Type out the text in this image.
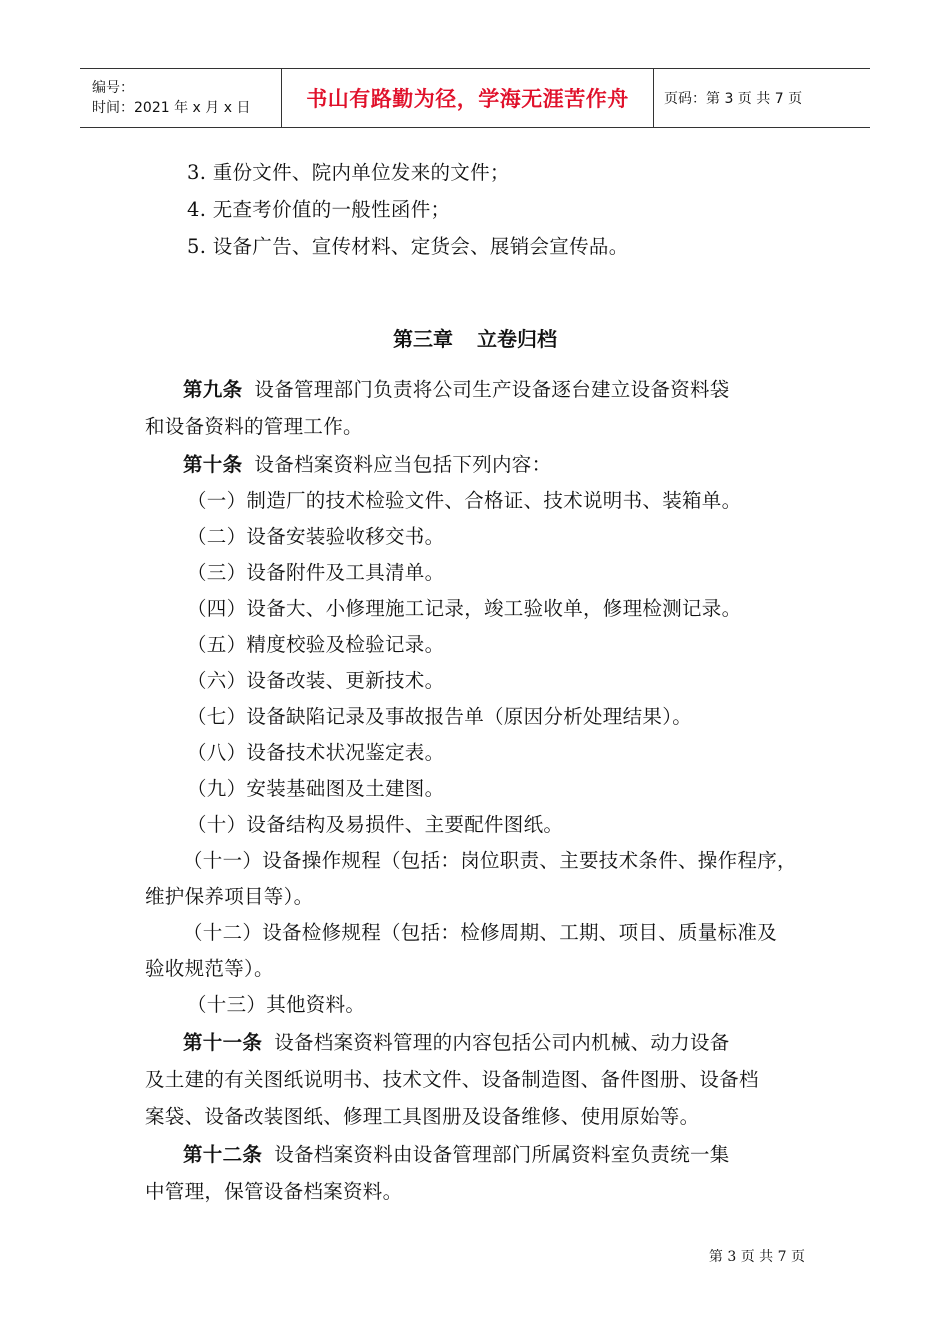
编号：
时间：2021 年 x 月 x 日	书山有路勤为径，学海无涯苦作舟	页码：第 3 页 共 7 页
3. 重份文件、院内单位发来的文件；
4. 无查考价值的一般性函件；
5. 设备广告、宣传材料、定货会、展销会宣传品。
第三章 立卷归档
第九条 设备管理部门负责将公司生产设备逐台建立设备资料袋
和设备资料的管理工作。
第十条 设备档案资料应当包括下列内容：
（一）制造厂的技术检验文件、合格证、技术说明书、装箱单。
（二）设备安装验收移交书。
（三）设备附件及工具清单。
（四）设备大、小修理施工记录，竣工验收单，修理检测记录。
（五）精度校验及检验记录。
（六）设备改装、更新技术。
（七）设备缺陷记录及事故报告单（原因分析处理结果）。
（八）设备技术状况鉴定表。
（九）安装基础图及土建图。
（十）设备结构及易损件、主要配件图纸。
（十一）设备操作规程（包括：岗位职责、主要技术条件、操作程序，
维护保养项目等）。
（十二）设备检修规程（包括：检修周期、工期、项目、质量标准及
验收规范等）。
（十三）其他资料。
第十一条 设备档案资料管理的内容包括公司内机械、动力设备
及土建的有关图纸说明书、技术文件、设备制造图、备件图册、设备档
案袋、设备改装图纸、修理工具图册及设备维修、使用原始等。
第十二条 设备档案资料由设备管理部门所属资料室负责统一集
中管理，保管设备档案资料。
第 3 页 共 7 页
